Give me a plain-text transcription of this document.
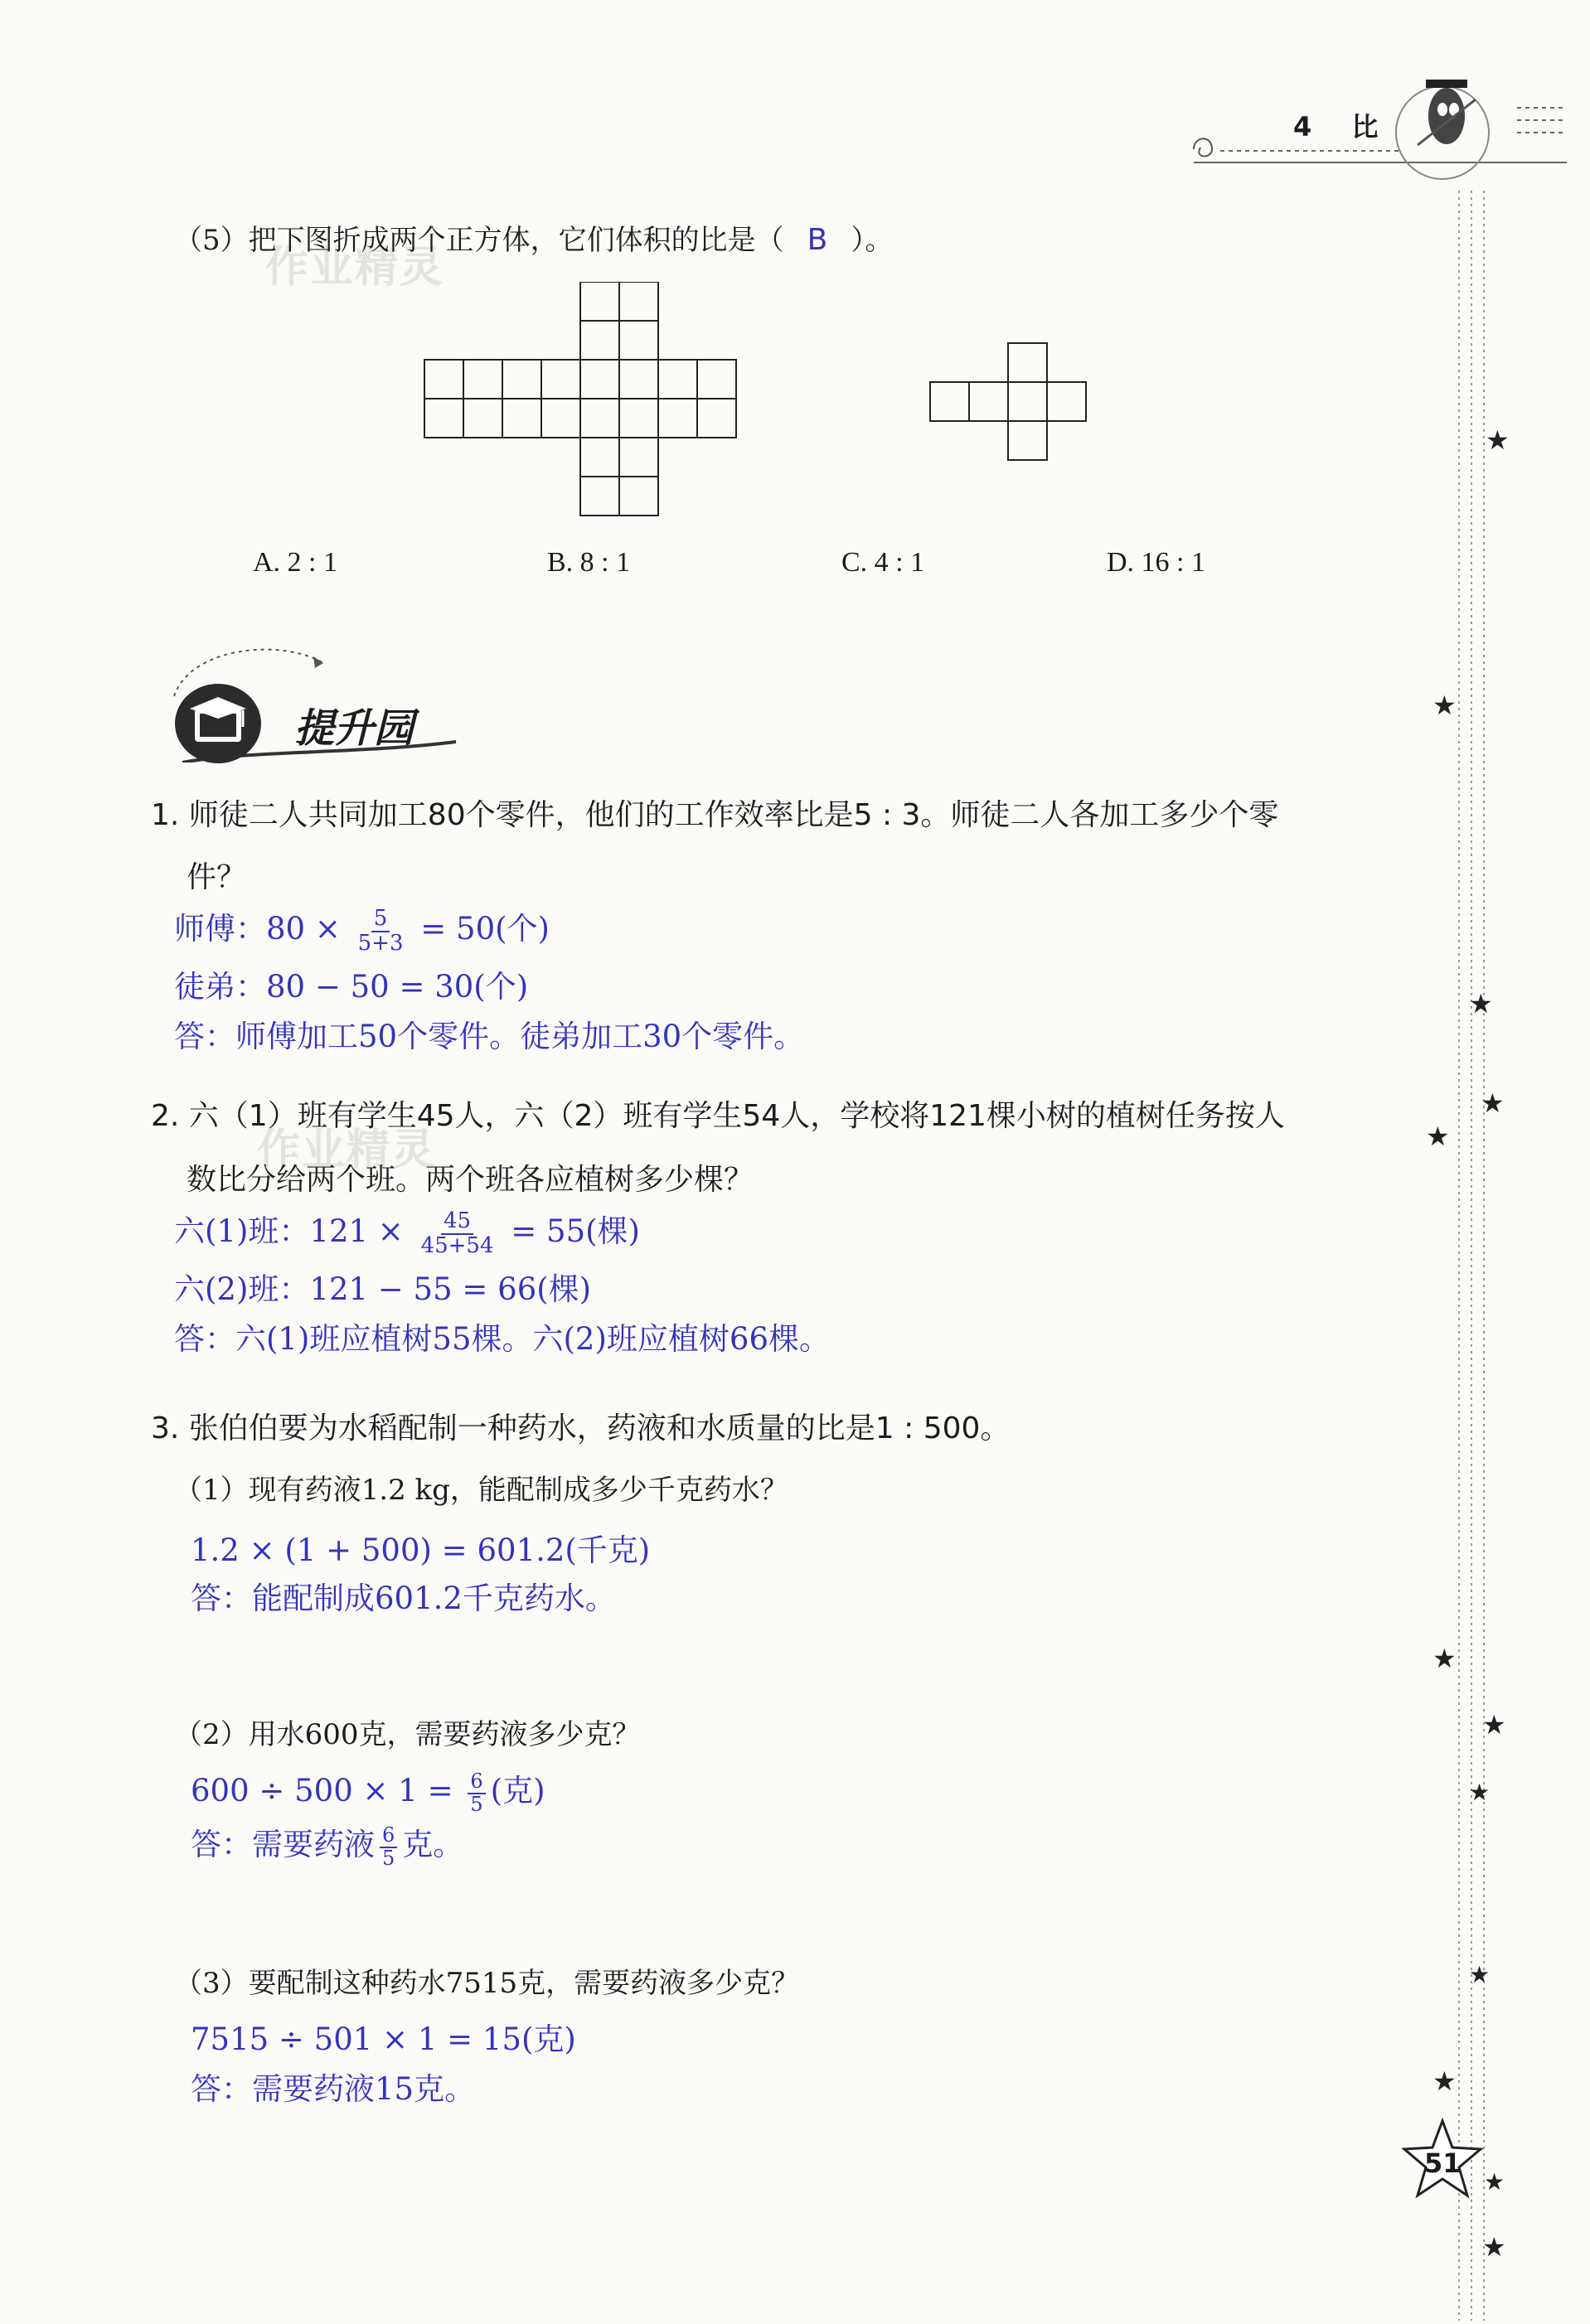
4 比
★
★
★
★
★
★
★
★
★
★
★
★
51
作业精灵
作业精灵
（5）把下图折成两个正方体，它们体积的比是（ B ）。
A. 2 : 1	B. 8 : 1	C. 4 : 1	D. 16 : 1
提升园
1. 师徒二人共同加工80个零件，他们的工作效率比是5 : 3。师徒二人各加工多少个零
件？
师傅：$80 \times \frac{5}{5+3} = 50$(个)
徒弟：80 − 50 = 30(个)
答：师傅加工50个零件。徒弟加工30个零件。
2. 六（1）班有学生45人，六（2）班有学生54人，学校将121棵小树的植树任务按人
数比分给两个班。两个班各应植树多少棵？
六(1)班：$121 \times \frac{45}{45+54} = 55$(棵)
六(2)班：121 − 55 = 66(棵)
答：六(1)班应植树55棵。六(2)班应植树66棵。
3. 张伯伯要为水稻配制一种药水，药液和水质量的比是1 : 500。
（1）现有药液1.2 kg，能配制成多少千克药水？
1.2 × (1 + 500) = 601.2(千克)
答：能配制成601.2千克药水。
（2）用水600克，需要药液多少克？
$600 \div 500 \times 1 = \frac{6}{5}$ (克)
答：需要药液 $\frac{6}{5}$ 克。
（3）要配制这种药水7515克，需要药液多少克？
7515 ÷ 501 × 1 = 15(克)
答：需要药液15克。
